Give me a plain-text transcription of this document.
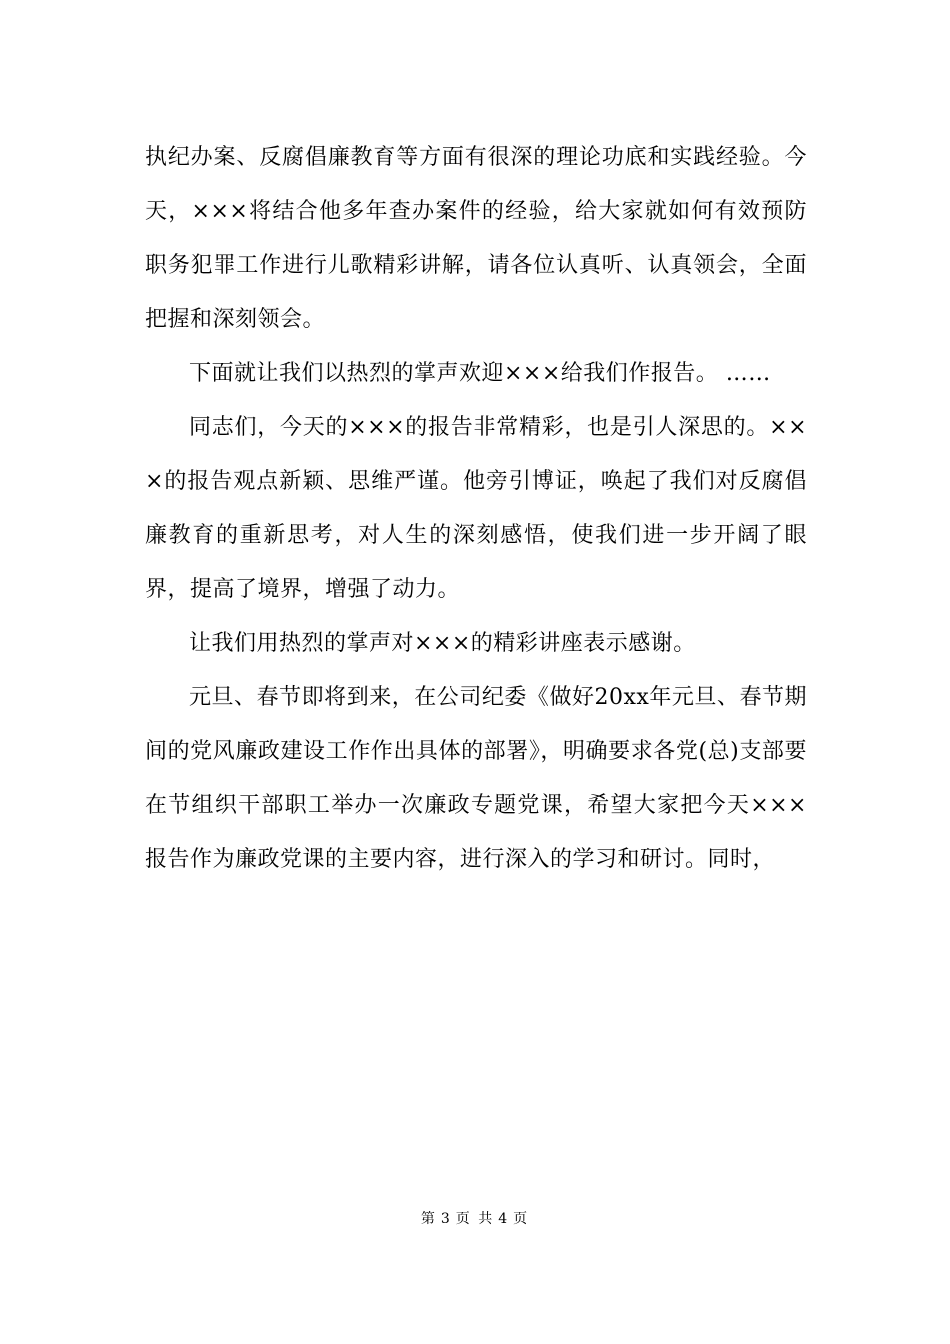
执纪办案、反腐倡廉教育等方面有很深的理论功底和实践经验。今天，×××将结合他多年查办案件的经验，给大家就如何有效预防职务犯罪工作进行儿歌精彩讲解，请各位认真听、认真领会，全面把握和深刻领会。

下面就让我们以热烈的掌声欢迎×××给我们作报告。 ……

同志们，今天的×××的报告非常精彩，也是引人深思的。×××的报告观点新颖、思维严谨。他旁引博证，唤起了我们对反腐倡廉教育的重新思考，对人生的深刻感悟，使我们进一步开阔了眼界，提高了境界，增强了动力。

让我们用热烈的掌声对×××的精彩讲座表示感谢。

元旦、春节即将到来，在公司纪委《做好20xx年元旦、春节期间的党风廉政建设工作作出具体的部署》，明确要求各党(总)支部要在节组织干部职工举办一次廉政专题党课，希望大家把今天×××报告作为廉政党课的主要内容，进行深入的学习和研讨。同时，

第 3 页 共 4 页
